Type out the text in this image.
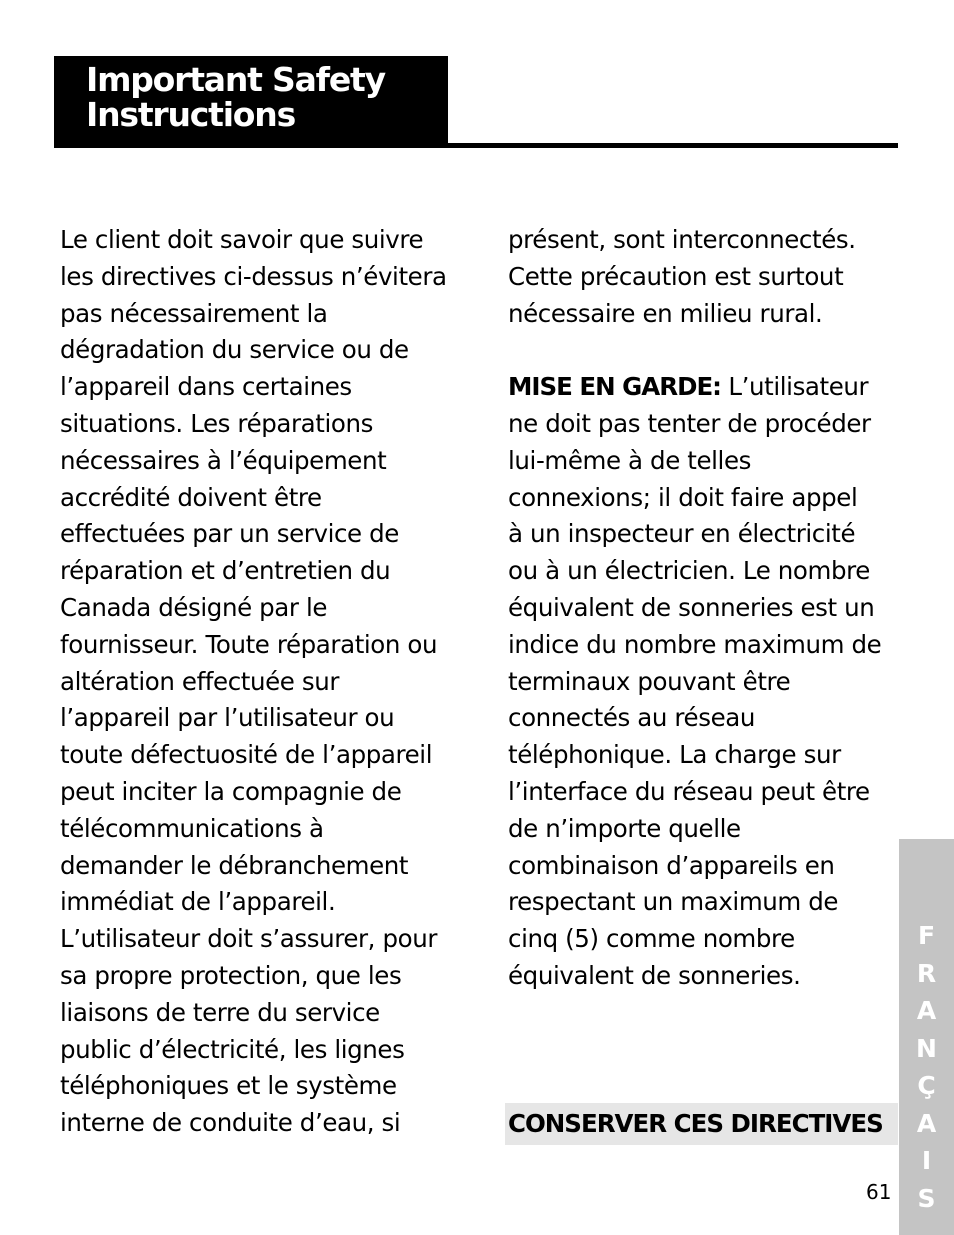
Important Safety
Instructions

Le client doit savoir que suivre
les directives ci-dessus n’évitera
pas nécessairement la
dégradation du service ou de
l’appareil dans certaines
situations. Les réparations
nécessaires à l’équipement
accrédité doivent être
effectuées par un service de
réparation et d’entretien du
Canada désigné par le
fournisseur. Toute réparation ou
altération effectuée sur
l’appareil par l’utilisateur ou
toute défectuosité de l’appareil
peut inciter la compagnie de
télécommunications à
demander le débranchement
immédiat de l’appareil.
L’utilisateur doit s’assurer, pour
sa propre protection, que les
liaisons de terre du service
public d’électricité, les lignes
téléphoniques et le système
interne de conduite d’eau, si

présent, sont interconnectés.
Cette précaution est surtout
nécessaire en milieu rural.

MISE EN GARDE: L’utilisateur
ne doit pas tenter de procéder
lui-même à de telles
connexions; il doit faire appel
à un inspecteur en électricité
ou à un électricien. Le nombre
équivalent de sonneries est un
indice du nombre maximum de
terminaux pouvant être
connectés au réseau
téléphonique. La charge sur
l’interface du réseau peut être
de n’importe quelle
combinaison d’appareils en
respectant un maximum de
cinq (5) comme nombre
équivalent de sonneries.

CONSERVER CES DIRECTIVES

61
F
R
A
N
Ç
A
I
S
